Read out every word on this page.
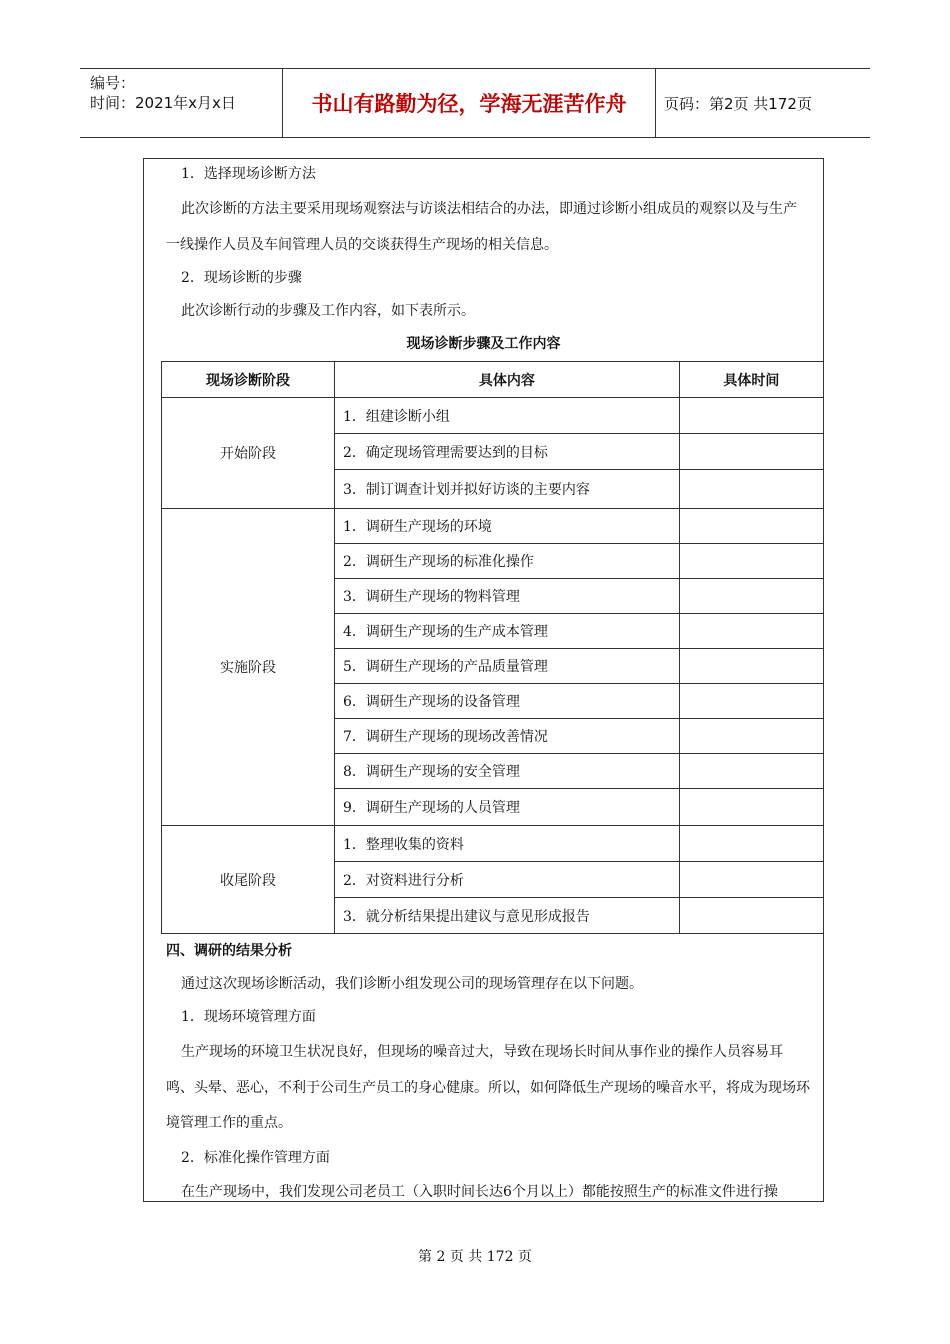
编号：
时间：2021年x月x日	书山有路勤为径，学海无涯苦作舟	页码：第2页 共172页
1．选择现场诊断方法
此次诊断的方法主要采用现场观察法与访谈法相结合的办法，即通过诊断小组成员的观察以及与生产
一线操作人员及车间管理人员的交谈获得生产现场的相关信息。
2．现场诊断的步骤
此次诊断行动的步骤及工作内容，如下表所示。
现场诊断步骤及工作内容
现场诊断阶段	具体内容	具体时间
开始阶段	1．组建诊断小组	
	2．确定现场管理需要达到的目标	
	3．制订调查计划并拟好访谈的主要内容	
实施阶段	1．调研生产现场的环境	
	2．调研生产现场的标准化操作	
	3．调研生产现场的物料管理	
	4．调研生产现场的生产成本管理	
	5．调研生产现场的产品质量管理	
	6．调研生产现场的设备管理	
	7．调研生产现场的现场改善情况	
	8．调研生产现场的安全管理	
	9．调研生产现场的人员管理	
收尾阶段	1．整理收集的资料	
	2．对资料进行分析	
	3．就分析结果提出建议与意见形成报告	
四、调研的结果分析
通过这次现场诊断活动，我们诊断小组发现公司的现场管理存在以下问题。
1．现场环境管理方面
生产现场的环境卫生状况良好，但现场的噪音过大，导致在现场长时间从事作业的操作人员容易耳
鸣、头晕、恶心，不利于公司生产员工的身心健康。所以，如何降低生产现场的噪音水平，将成为现场环
境管理工作的重点。
2．标准化操作管理方面
在生产现场中，我们发现公司老员工（入职时间长达6个月以上）都能按照生产的标准文件进行操
第 2 页 共 172 页
